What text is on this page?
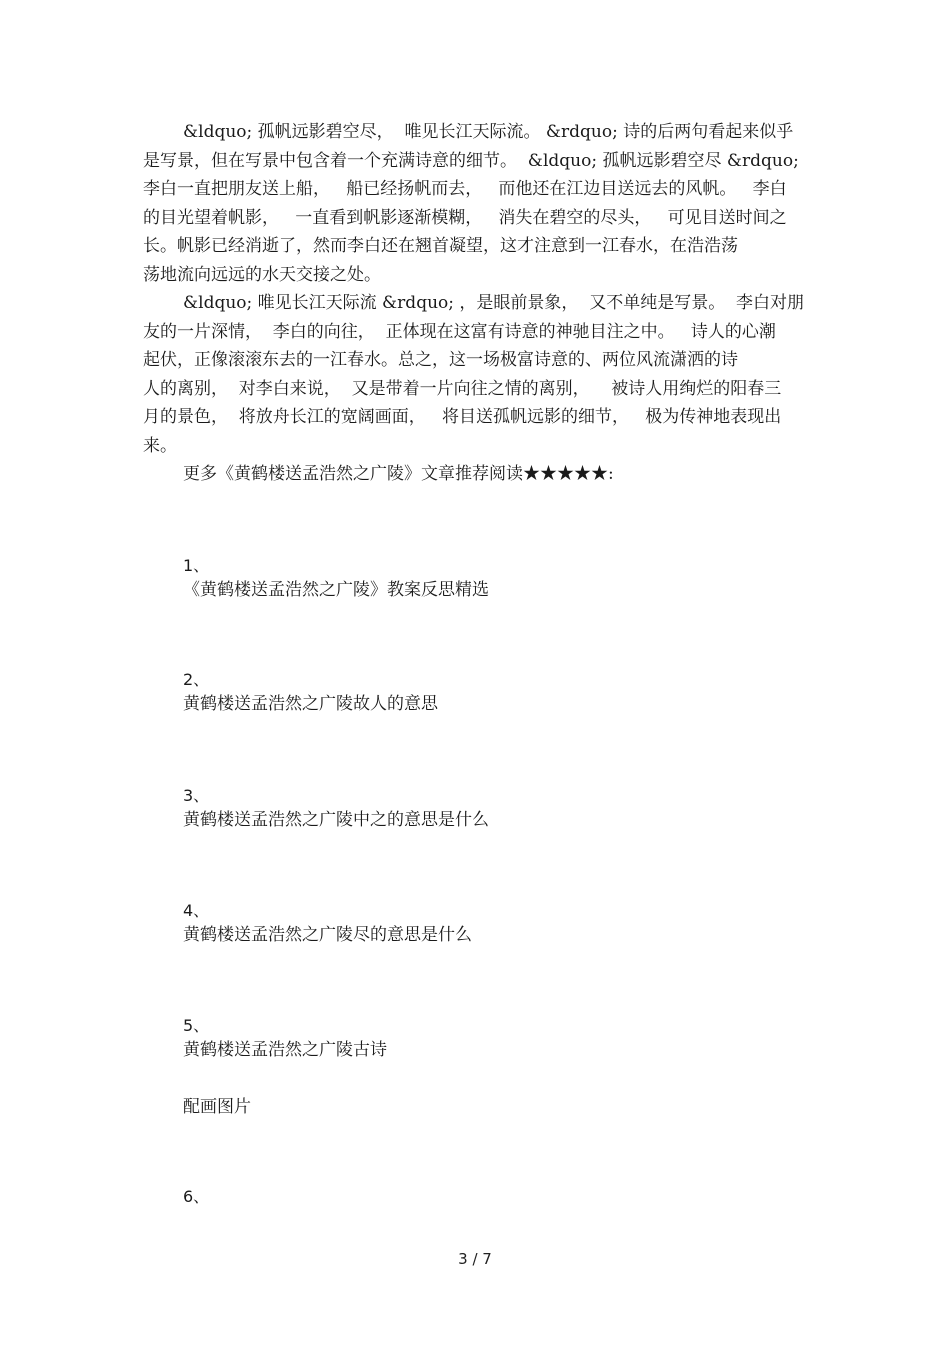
&ldquo; 孤帆远影碧空尽，  唯见长江天际流。 &rdquo; 诗的后两句看起来似乎
是写景，但在写景中包含着一个充满诗意的细节。  &ldquo; 孤帆远影碧空尽 &rdquo;
李白一直把朋友送上船，   船已经扬帆而去，   而他还在江边目送远去的风帆。   李白
的目光望着帆影，   一直看到帆影逐渐模糊，   消失在碧空的尽头，   可见目送时间之
长。帆影已经消逝了，然而李白还在翘首凝望，这才注意到一江春水，在浩浩荡
荡地流向远远的水天交接之处。
&ldquo; 唯见长江天际流 &rdquo; ，是眼前景象，  又不单纯是写景。  李白对朋
友的一片深情，  李白的向往，  正体现在这富有诗意的神驰目注之中。   诗人的心潮
起伏，正像滚滚东去的一江春水。总之，这一场极富诗意的、两位风流潇洒的诗
人的离别，  对李白来说，  又是带着一片向往之情的离别，    被诗人用绚烂的阳春三
月的景色，  将放舟长江的宽阔画面，   将目送孤帆远影的细节，   极为传神地表现出
来。
更多《黄鹤楼送孟浩然之广陵》文章推荐阅读★★★★★:
1、
《黄鹤楼送孟浩然之广陵》教案反思精选
2、
黄鹤楼送孟浩然之广陵故人的意思
3、
黄鹤楼送孟浩然之广陵中之的意思是什么
4、
黄鹤楼送孟浩然之广陵尽的意思是什么
5、
黄鹤楼送孟浩然之广陵古诗
配画图片
6、
3 / 7
